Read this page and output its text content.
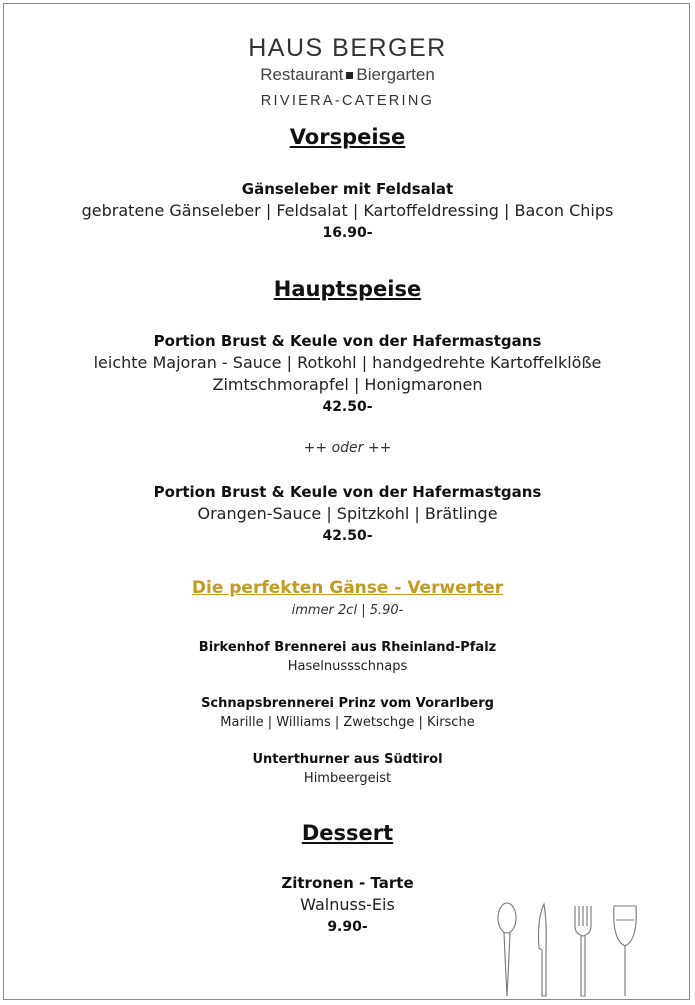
HAUS BERGER
Restaurant Biergarten
RIVIERA-CATERING
Vorspeise
Gänseleber mit Feldsalat
gebratene Gänseleber | Feldsalat | Kartoffeldressing | Bacon Chips
16.90-
Hauptspeise
Portion Brust & Keule von der Hafermastgans
leichte Majoran - Sauce | Rotkohl | handgedrehte Kartoffelklöße
Zimtschmorapfel | Honigmaronen
42.50-
++ oder ++
Portion Brust & Keule von der Hafermastgans
Orangen-Sauce | Spitzkohl | Brätlinge
42.50-
Die perfekten Gänse - Verwerter
immer 2cl | 5.90-
Birkenhof Brennerei aus Rheinland-Pfalz
Haselnussschnaps
Schnapsbrennerei Prinz vom Vorarlberg
Marille | Williams | Zwetschge | Kirsche
Unterthurner aus Südtirol
Himbeergeist
Dessert
Zitronen - Tarte
Walnuss-Eis
9.90-
